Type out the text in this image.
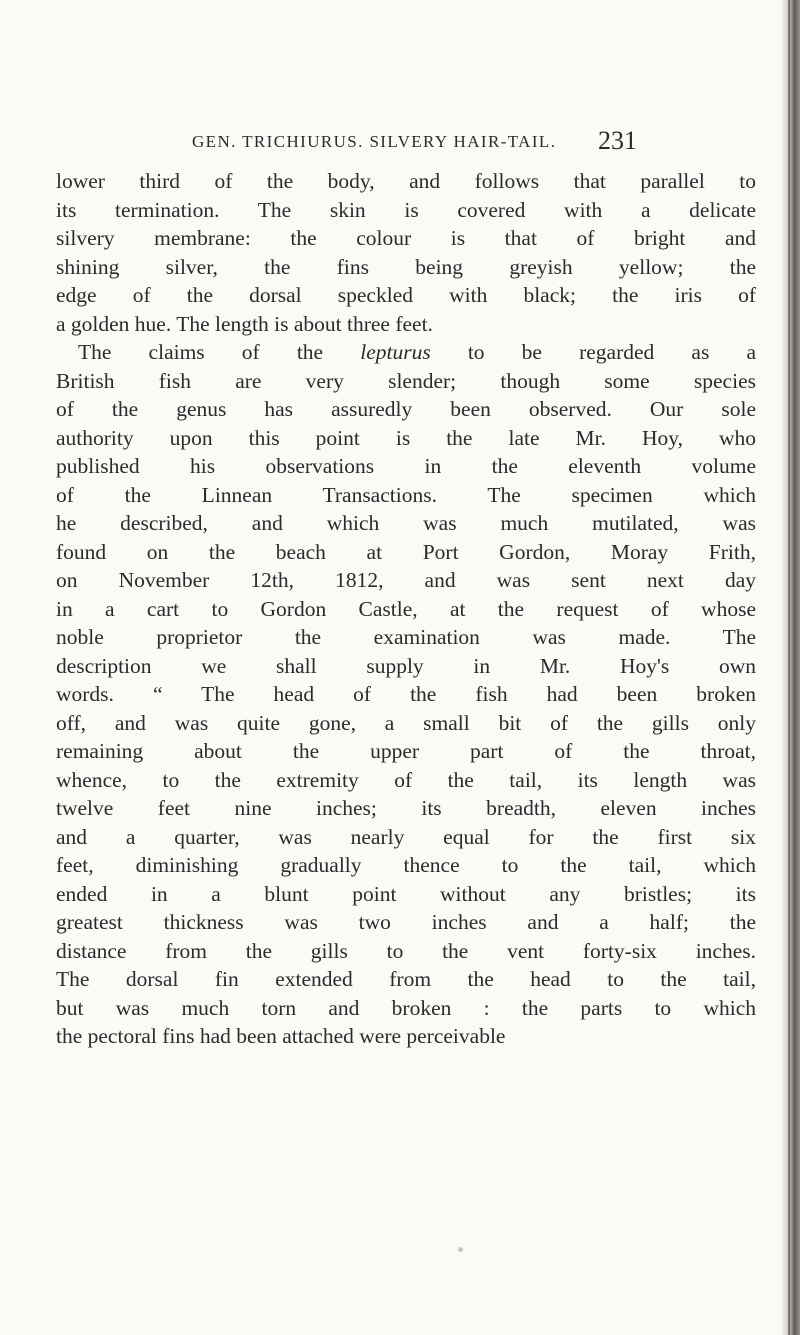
GEN. TRICHIURUS. SILVERY HAIR-TAIL. 231
lower third of the body, and follows that parallel to
its termination. The skin is covered with a delicate
silvery membrane: the colour is that of bright and
shining silver, the fins being greyish yellow; the
edge of the dorsal speckled with black; the iris of
a golden hue. The length is about three feet.
The claims of the lepturus to be regarded as a
British fish are very slender; though some species
of the genus has assuredly been observed. Our sole
authority upon this point is the late Mr. Hoy, who
published his observations in the eleventh volume
of the Linnean Transactions. The specimen which
he described, and which was much mutilated, was
found on the beach at Port Gordon, Moray Frith,
on November 12th, 1812, and was sent next day
in a cart to Gordon Castle, at the request of whose
noble proprietor the examination was made. The
description we shall supply in Mr. Hoy's own
words. “ The head of the fish had been broken
off, and was quite gone, a small bit of the gills only
remaining about the upper part of the throat,
whence, to the extremity of the tail, its length was
twelve feet nine inches; its breadth, eleven inches
and a quarter, was nearly equal for the first six
feet, diminishing gradually thence to the tail, which
ended in a blunt point without any bristles; its
greatest thickness was two inches and a half; the
distance from the gills to the vent forty-six inches.
The dorsal fin extended from the head to the tail,
but was much torn and broken : the parts to which
the pectoral fins had been attached were perceivable
